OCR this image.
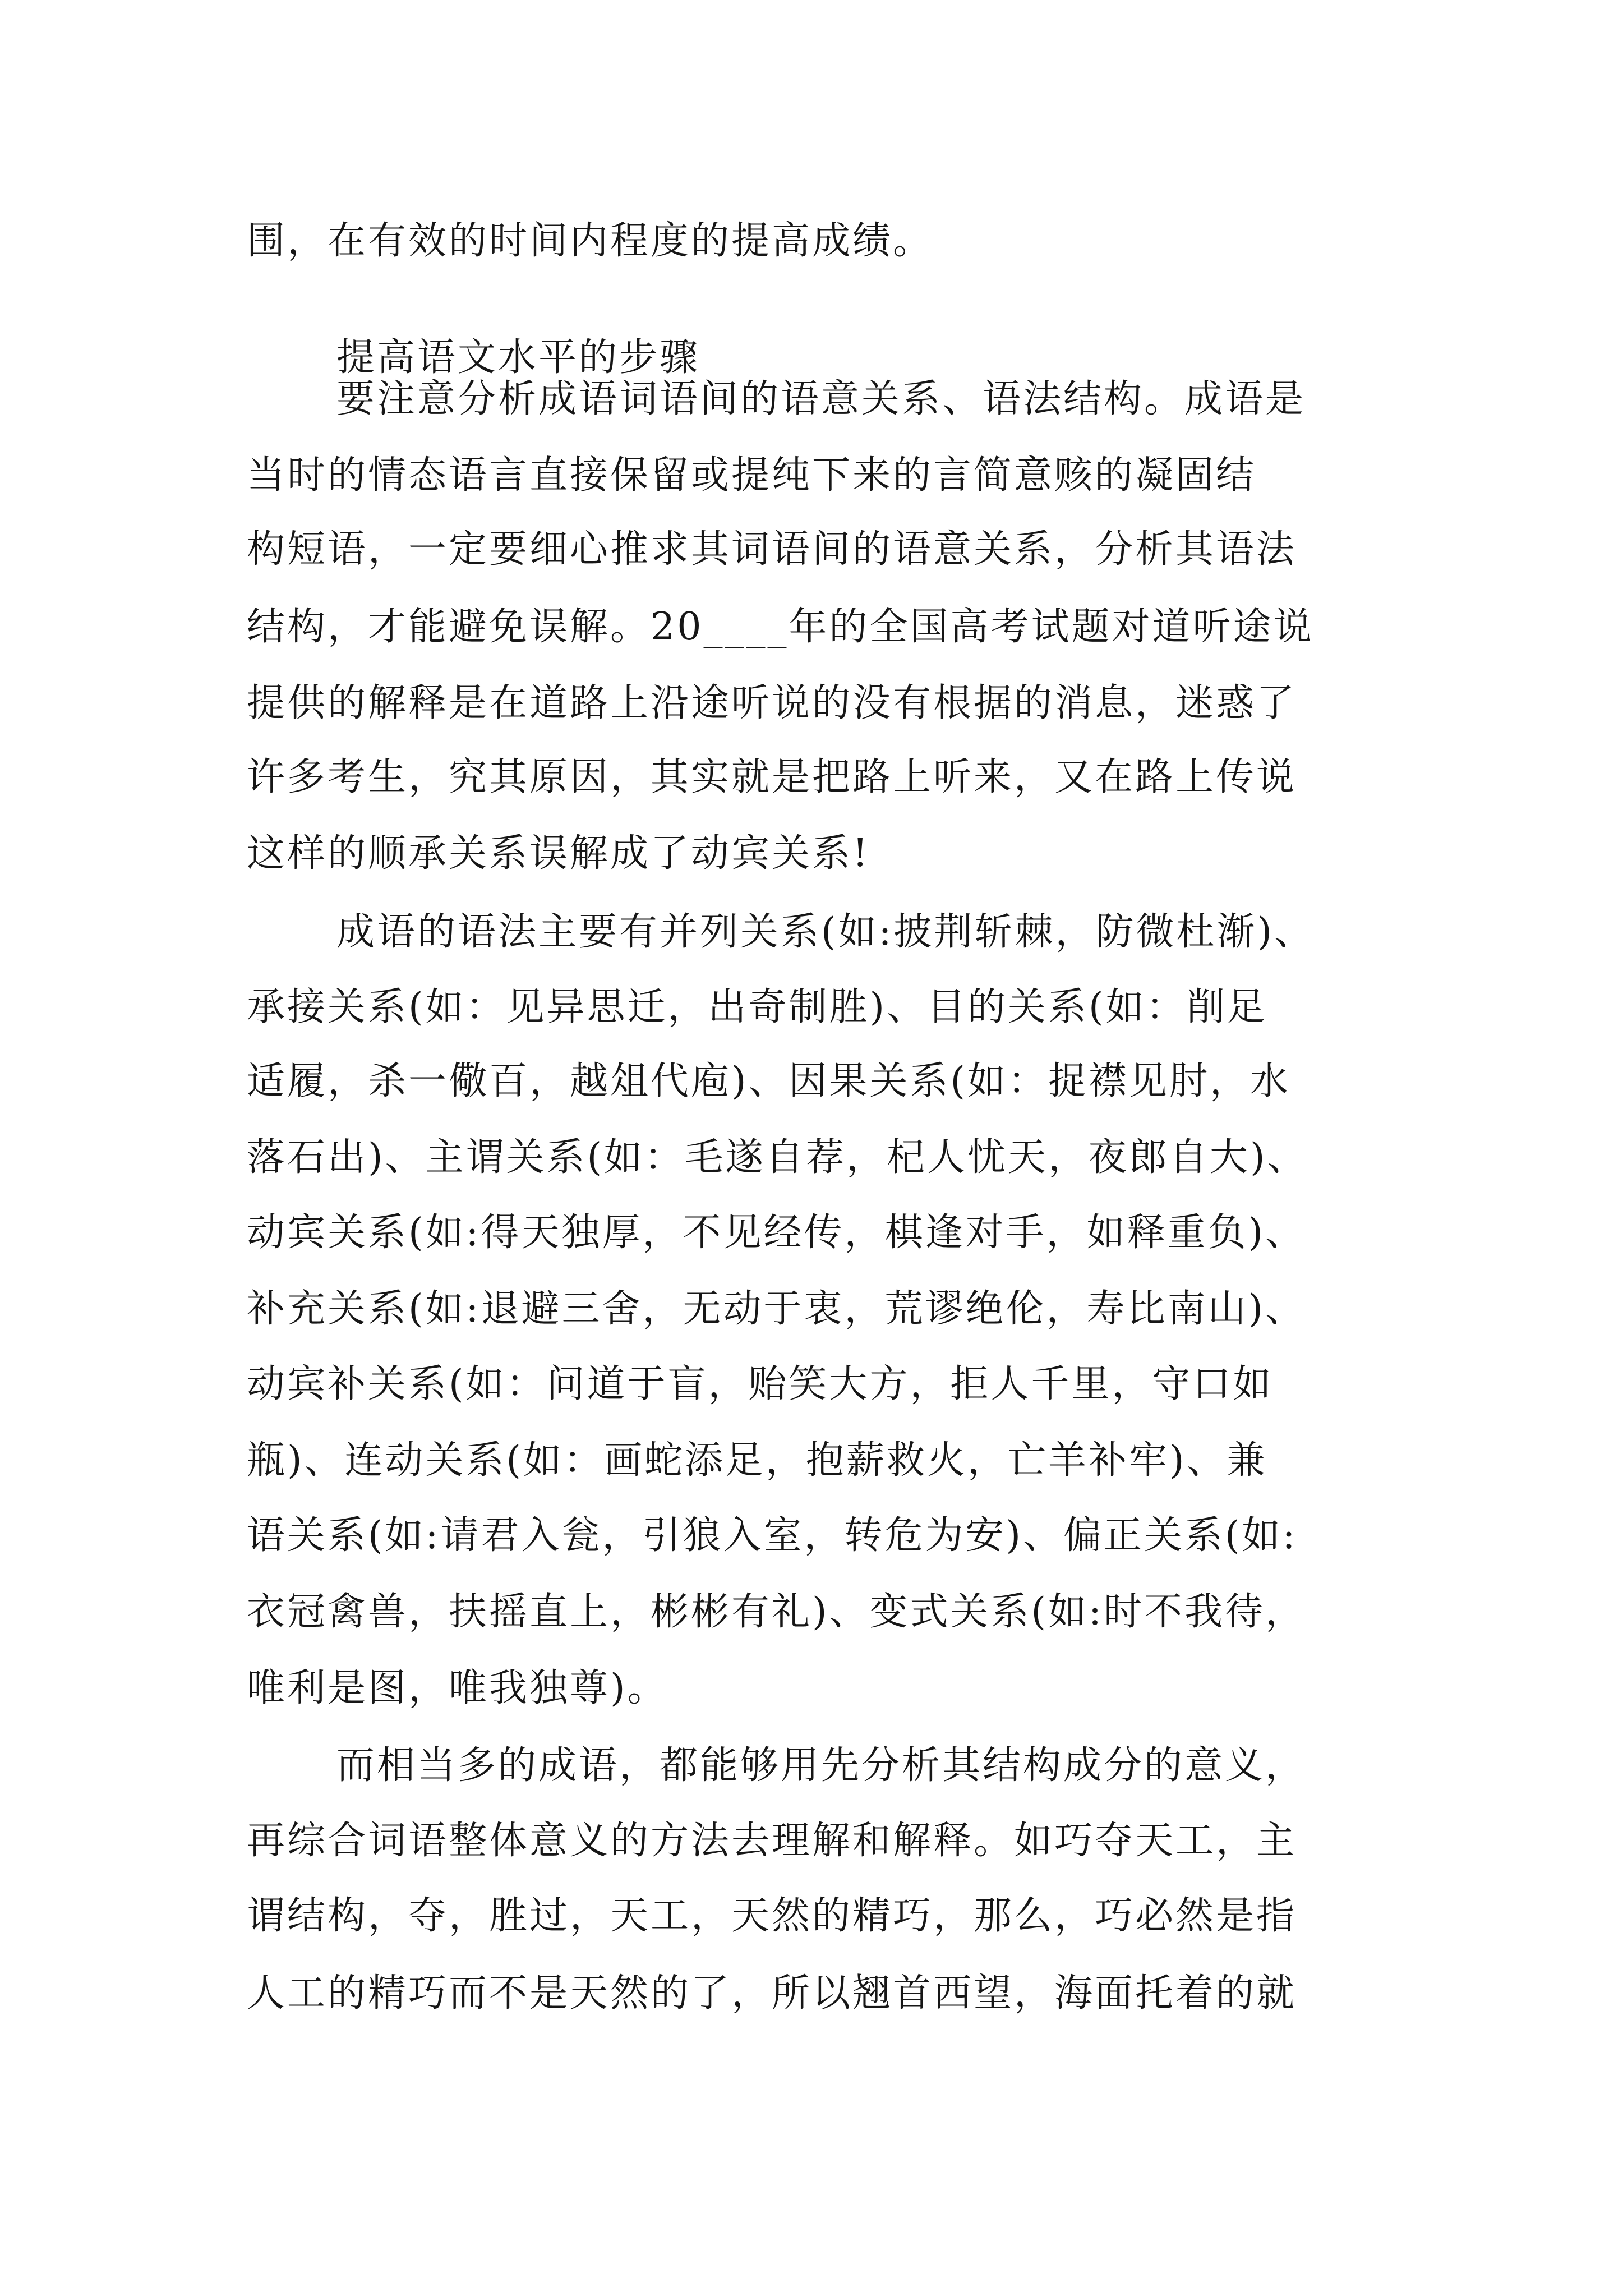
围，在有效的时间内程度的提高成绩。
提高语文水平的步骤
要注意分析成语词语间的语意关系、语法结构。成语是
当时的情态语言直接保留或提纯下来的言简意赅的凝固结
构短语，一定要细心推求其词语间的语意关系，分析其语法
结构，才能避免误解。20____年的全国高考试题对道听途说
提供的解释是在道路上沿途听说的没有根据的消息，迷惑了
许多考生，究其原因，其实就是把路上听来，又在路上传说
这样的顺承关系误解成了动宾关系!
成语的语法主要有并列关系(如:披荆斩棘，防微杜渐)、
承接关系(如：见异思迁，出奇制胜)、目的关系(如：削足
适履，杀一儆百，越俎代庖)、因果关系(如：捉襟见肘，水
落石出)、主谓关系(如：毛遂自荐，杞人忧天，夜郎自大)、
动宾关系(如:得天独厚，不见经传，棋逢对手，如释重负)、
补充关系(如:退避三舍，无动于衷，荒谬绝伦，寿比南山)、
动宾补关系(如：问道于盲，贻笑大方，拒人千里，守口如
瓶)、连动关系(如：画蛇添足，抱薪救火，亡羊补牢)、兼
语关系(如:请君入瓮，引狼入室，转危为安)、偏正关系(如:
衣冠禽兽，扶摇直上，彬彬有礼)、变式关系(如:时不我待，
唯利是图，唯我独尊)。
而相当多的成语，都能够用先分析其结构成分的意义，
再综合词语整体意义的方法去理解和解释。如巧夺天工，主
谓结构，夺，胜过，天工，天然的精巧，那么，巧必然是指
人工的精巧而不是天然的了，所以翘首西望，海面托着的就
